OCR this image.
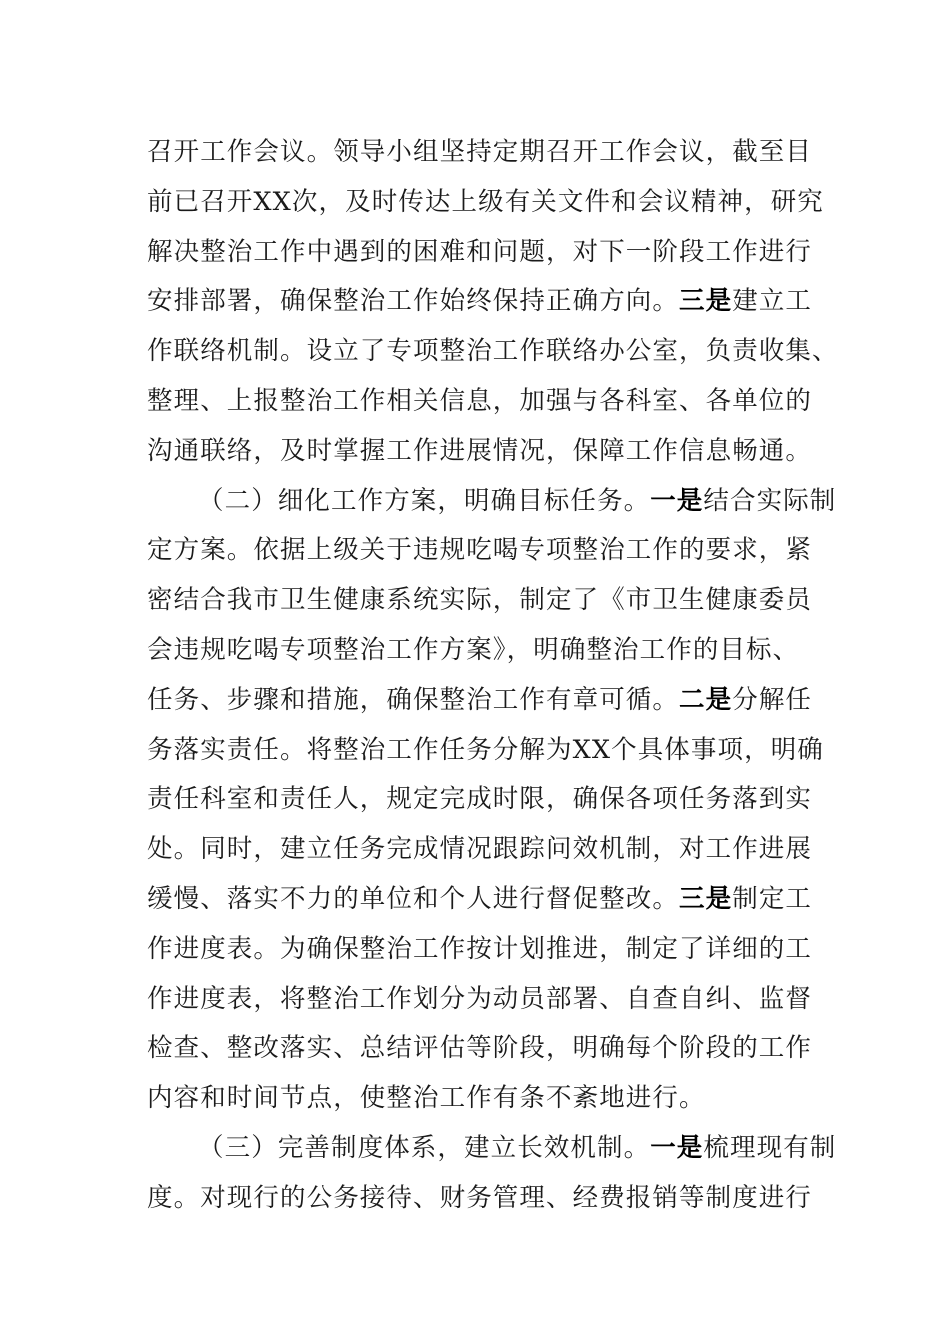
召开工作会议。领导小组坚持定期召开工作会议，截至目
前已召开XX次，及时传达上级有关文件和会议精神，研究
解决整治工作中遇到的困难和问题，对下一阶段工作进行
安排部署，确保整治工作始终保持正确方向。三是建立工
作联络机制。设立了专项整治工作联络办公室，负责收集、
整理、上报整治工作相关信息，加强与各科室、各单位的
沟通联络，及时掌握工作进展情况，保障工作信息畅通。
（二）细化工作方案，明确目标任务。一是结合实际制
定方案。依据上级关于违规吃喝专项整治工作的要求，紧
密结合我市卫生健康系统实际，制定了《市卫生健康委员
会违规吃喝专项整治工作方案》，明确整治工作的目标、
任务、步骤和措施，确保整治工作有章可循。二是分解任
务落实责任。将整治工作任务分解为XX个具体事项，明确
责任科室和责任人，规定完成时限，确保各项任务落到实
处。同时，建立任务完成情况跟踪问效机制，对工作进展
缓慢、落实不力的单位和个人进行督促整改。三是制定工
作进度表。为确保整治工作按计划推进，制定了详细的工
作进度表，将整治工作划分为动员部署、自查自纠、监督
检查、整改落实、总结评估等阶段，明确每个阶段的工作
内容和时间节点，使整治工作有条不紊地进行。
（三）完善制度体系，建立长效机制。一是梳理现有制
度。对现行的公务接待、财务管理、经费报销等制度进行
